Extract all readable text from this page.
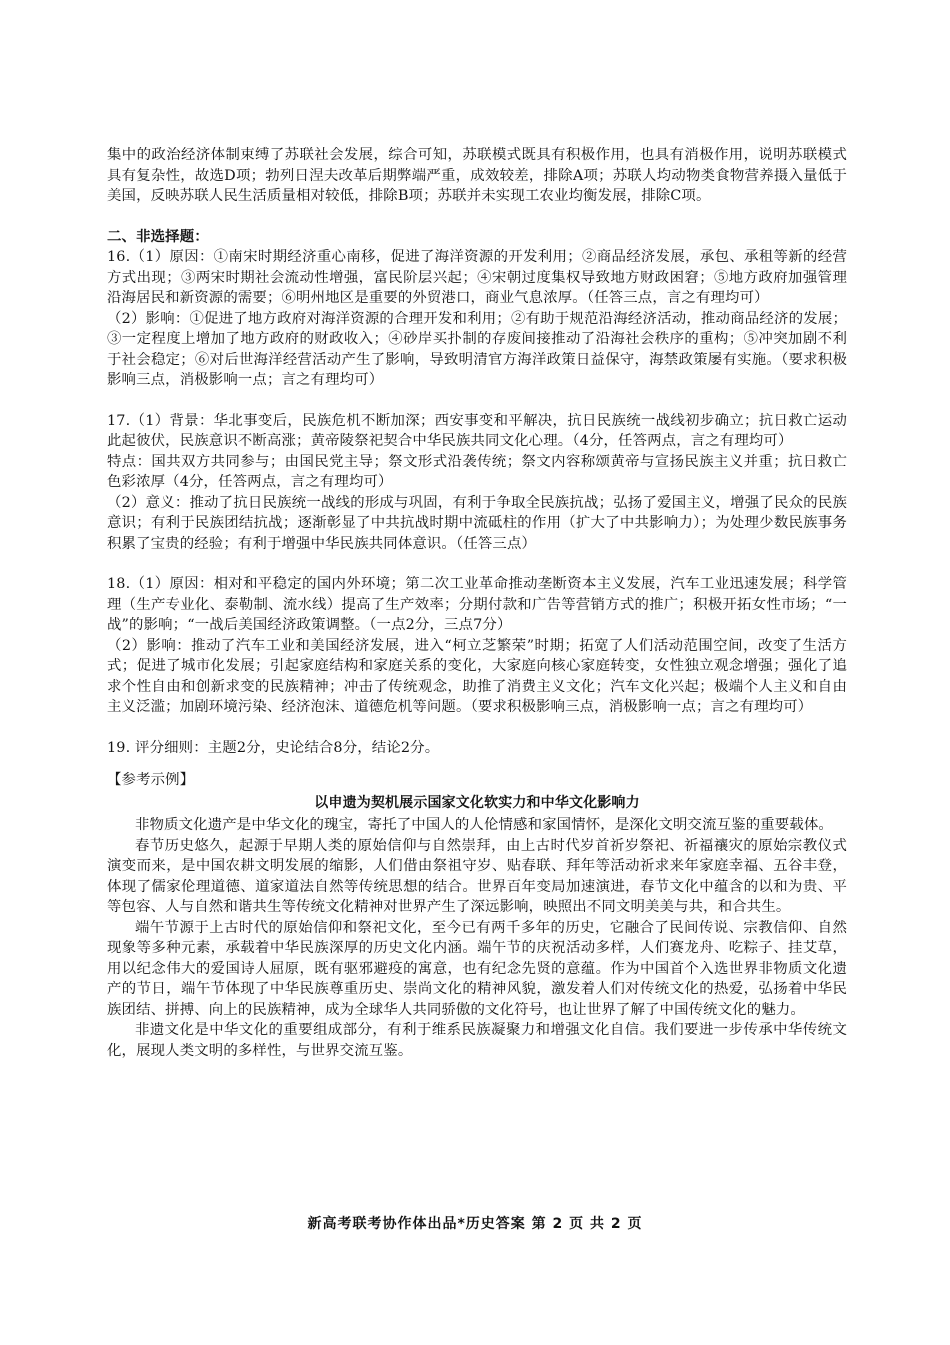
集中的政治经济体制束缚了苏联社会发展，综合可知，苏联模式既具有积极作用，也具有消极作用，说明苏联模式具有复杂性，故选D项；勃列日涅夫改革后期弊端严重，成效较差，排除A项；苏联人均动物类食物营养摄入量低于美国，反映苏联人民生活质量相对较低，排除B项；苏联并未实现工农业均衡发展，排除C项。

二、非选择题：

16.（1）原因：①南宋时期经济重心南移，促进了海洋资源的开发利用；②商品经济发展，承包、承租等新的经营方式出现；③两宋时期社会流动性增强，富民阶层兴起；④宋朝过度集权导致地方财政困窘；⑤地方政府加强管理沿海居民和新资源的需要；⑥明州地区是重要的外贸港口，商业气息浓厚。（任答三点，言之有理均可）

（2）影响：①促进了地方政府对海洋资源的合理开发和利用；②有助于规范沿海经济活动，推动商品经济的发展；③一定程度上增加了地方政府的财政收入；④砂岸买扑制的存废间接推动了沿海社会秩序的重构；⑤冲突加剧不利于社会稳定；⑥对后世海洋经营活动产生了影响，导致明清官方海洋政策日益保守，海禁政策屡有实施。（要求积极影响三点，消极影响一点；言之有理均可）

17.（1）背景：华北事变后，民族危机不断加深；西安事变和平解决，抗日民族统一战线初步确立；抗日救亡运动此起彼伏，民族意识不断高涨；黄帝陵祭祀契合中华民族共同文化心理。（4分，任答两点，言之有理均可）

特点：国共双方共同参与；由国民党主导；祭文形式沿袭传统；祭文内容称颂黄帝与宣扬民族主义并重；抗日救亡色彩浓厚（4分，任答两点，言之有理均可）

（2）意义：推动了抗日民族统一战线的形成与巩固，有利于争取全民族抗战；弘扬了爱国主义，增强了民众的民族意识；有利于民族团结抗战；逐渐彰显了中共抗战时期中流砥柱的作用（扩大了中共影响力）；为处理少数民族事务积累了宝贵的经验；有利于增强中华民族共同体意识。（任答三点）

18.（1）原因：相对和平稳定的国内外环境；第二次工业革命推动垄断资本主义发展，汽车工业迅速发展；科学管理（生产专业化、泰勒制、流水线）提高了生产效率；分期付款和广告等营销方式的推广；积极开拓女性市场；“一战”的影响；“一战后美国经济政策调整。（一点2分，三点7分）

（2）影响：推动了汽车工业和美国经济发展，进入“柯立芝繁荣”时期；拓宽了人们活动范围空间，改变了生活方式；促进了城市化发展；引起家庭结构和家庭关系的变化，大家庭向核心家庭转变，女性独立观念增强；强化了追求个性自由和创新求变的民族精神；冲击了传统观念，助推了消费主义文化；汽车文化兴起；极端个人主义和自由主义泛滥；加剧环境污染、经济泡沫、道德危机等问题。（要求积极影响三点，消极影响一点；言之有理均可）

19. 评分细则：主题2分，史论结合8分，结论2分。

【参考示例】

以申遗为契机展示国家文化软实力和中华文化影响力

非物质文化遗产是中华文化的瑰宝，寄托了中国人的人伦情感和家国情怀，是深化文明交流互鉴的重要载体。

春节历史悠久，起源于早期人类的原始信仰与自然崇拜，由上古时代岁首祈岁祭祀、祈福禳灾的原始宗教仪式演变而来，是中国农耕文明发展的缩影，人们借由祭祖守岁、贴春联、拜年等活动祈求来年家庭幸福、五谷丰登，体现了儒家伦理道德、道家道法自然等传统思想的结合。世界百年变局加速演进，春节文化中蕴含的以和为贵、平等包容、人与自然和谐共生等传统文化精神对世界产生了深远影响，映照出不同文明美美与共，和合共生。

端午节源于上古时代的原始信仰和祭祀文化，至今已有两千多年的历史，它融合了民间传说、宗教信仰、自然现象等多种元素，承载着中华民族深厚的历史文化内涵。端午节的庆祝活动多样，人们赛龙舟、吃粽子、挂艾草，用以纪念伟大的爱国诗人屈原，既有驱邪避疫的寓意，也有纪念先贤的意蕴。作为中国首个入选世界非物质文化遗产的节日，端午节体现了中华民族尊重历史、崇尚文化的精神风貌，激发着人们对传统文化的热爱，弘扬着中华民族团结、拼搏、向上的民族精神，成为全球华人共同骄傲的文化符号，也让世界了解了中国传统文化的魅力。

非遗文化是中华文化的重要组成部分，有利于维系民族凝聚力和增强文化自信。我们要进一步传承中华传统文化，展现人类文明的多样性，与世界交流互鉴。

新高考联考协作体出品*历史答案 第 2 页 共 2 页
